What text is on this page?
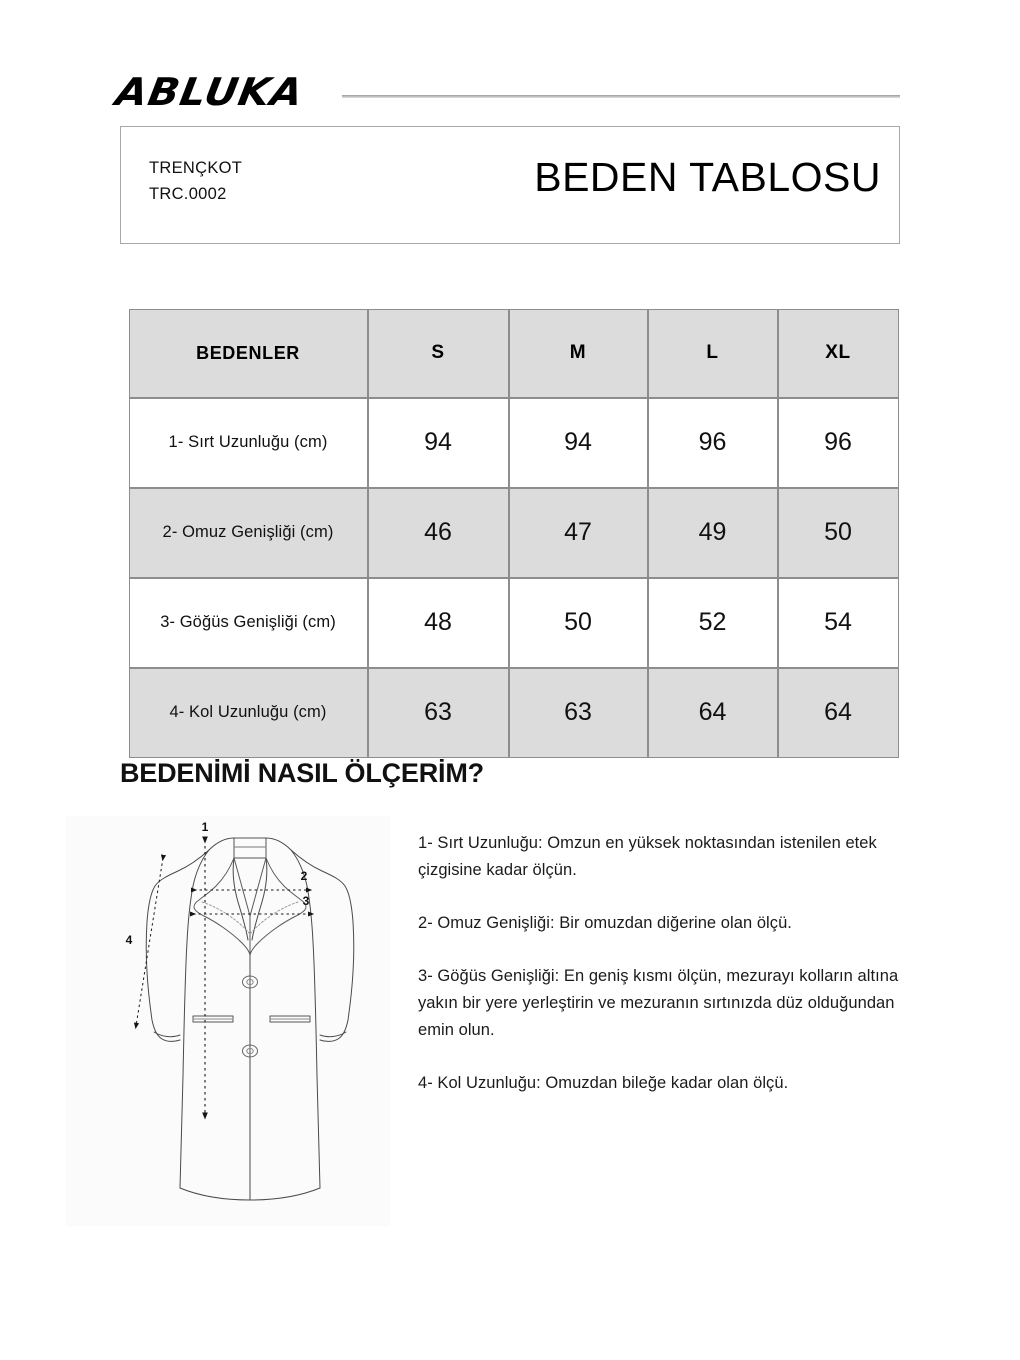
ABLUKA
TRENÇKOT
TRC.0002	BEDEN TABLOSU
BEDENLER	S	M	L	XL
1- Sırt Uzunluğu (cm)	94	94	96	96
2- Omuz Genişliği (cm)	46	47	49	50
3- Göğüs Genişliği (cm)	48	50	52	54
4- Kol Uzunluğu (cm)	63	63	64	64
BEDENİMİ NASIL ÖLÇERİM?
1
2
3
4

1- Sırt Uzunluğu: Omzun en yüksek noktasından istenilen etek çizgisine kadar ölçün.

2- Omuz Genişliği: Bir omuzdan diğerine olan ölçü.

3- Göğüs Genişliği: En geniş kısmı ölçün, mezurayı kolların altına yakın bir yere yerleştirin ve mezuranın sırtınızda düz olduğundan emin olun.

4- Kol Uzunluğu: Omuzdan bileğe kadar olan ölçü.
